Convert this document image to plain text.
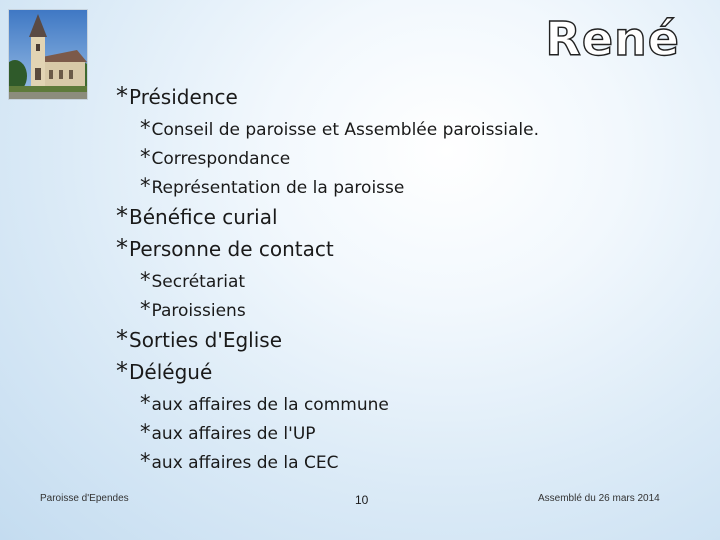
René
*Présidence
*Conseil de paroisse et Assemblée paroissiale.
*Correspondance
*Représentation de la paroisse
*Bénéfice curial
*Personne de contact
*Secrétariat
*Paroissiens
*Sorties d'Eglise
*Délégué
*aux affaires de la commune
*aux affaires de l'UP
*aux affaires de la CEC
Paroisse d'Ependes	10	Assemblé du 26 mars 2014
